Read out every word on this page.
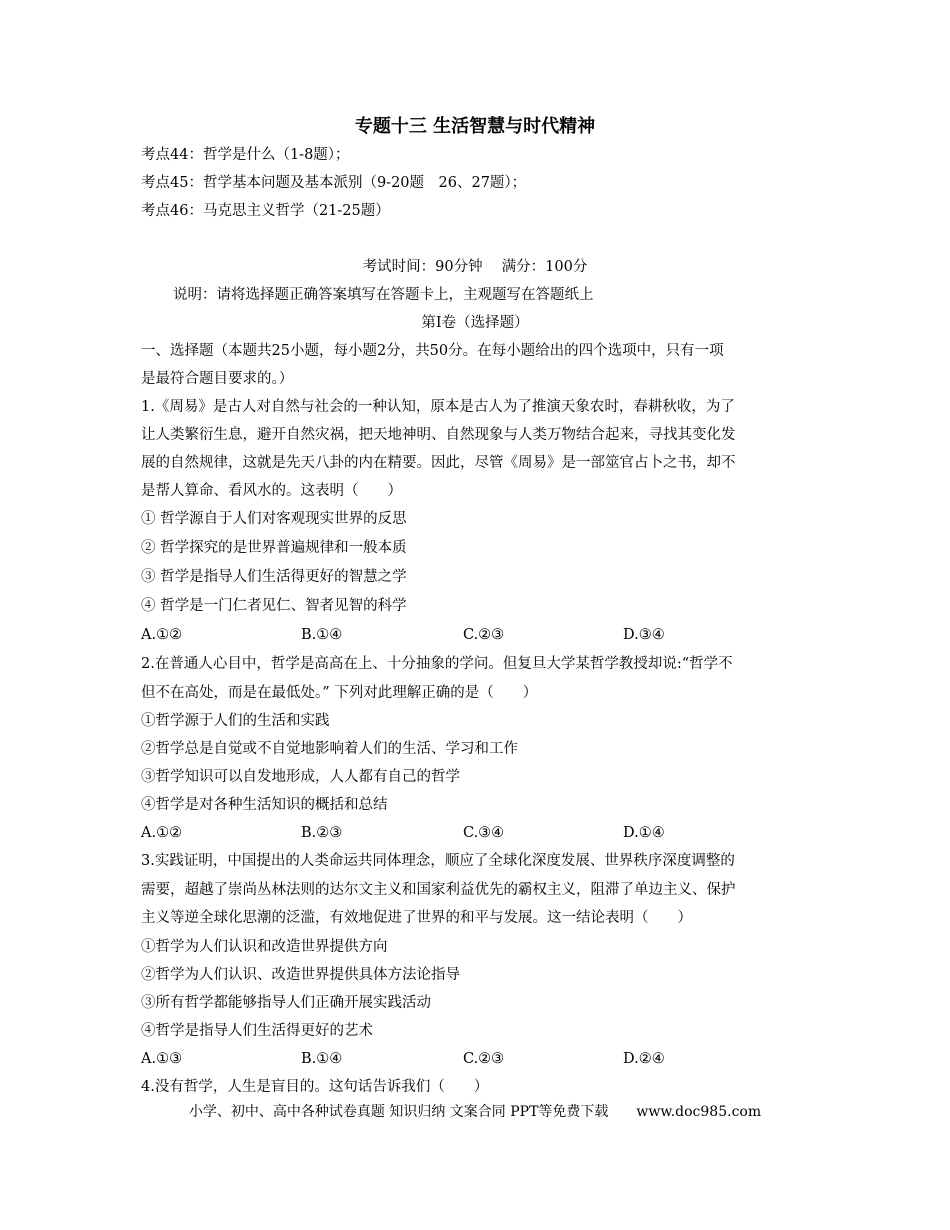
专题十三 生活智慧与时代精神
考点44：哲学是什么（1-8题）；
考点45：哲学基本问题及基本派别（9-20题　26、27题）；
考点46：马克思主义哲学（21-25题）
考试时间：90分钟　 满分：100分
说明：请将选择题正确答案填写在答题卡上，主观题写在答题纸上
第Ⅰ卷（选择题）
一、选择题（本题共25小题，每小题2分，共50分。在每小题给出的四个选项中，只有一项
是最符合题目要求的。）
1.《周易》是古人对自然与社会的一种认知，原本是古人为了推演天象农时，春耕秋收，为了
让人类繁衍生息，避开自然灾祸，把天地神明、自然现象与人类万物结合起来，寻找其变化发
展的自然规律，这就是先天八卦的内在精要。因此，尽管《周易》是一部筮官占卜之书，却不
是帮人算命、看风水的。这表明（　　）
① 哲学源自于人们对客观现实世界的反思
② 哲学探究的是世界普遍规律和一般本质
③ 哲学是指导人们生活得更好的智慧之学
④ 哲学是一门仁者见仁、智者见智的科学
A.①②	B.①④	C.②③	D.③④
2.在普通人心目中，哲学是高高在上、十分抽象的学问。但复旦大学某哲学教授却说:“哲学不
但不在高处，而是在最低处。” 下列对此理解正确的是（　　）
①哲学源于人们的生活和实践
②哲学总是自觉或不自觉地影响着人们的生活、学习和工作
③哲学知识可以自发地形成，人人都有自己的哲学
④哲学是对各种生活知识的概括和总结
A.①②	B.②③	C.③④	D.①④
3.实践证明，中国提出的人类命运共同体理念，顺应了全球化深度发展、世界秩序深度调整的
需要，超越了崇尚丛林法则的达尔文主义和国家利益优先的霸权主义，阻滞了单边主义、保护
主义等逆全球化思潮的泛滥，有效地促进了世界的和平与发展。这一结论表明（　　）
①哲学为人们认识和改造世界提供方向
②哲学为人们认识、改造世界提供具体方法论指导
③所有哲学都能够指导人们正确开展实践活动
④哲学是指导人们生活得更好的艺术
A.①③	B.①④	C.②③	D.②④
4.没有哲学，人生是盲目的。这句话告诉我们（　　）
小学、初中、高中各种试卷真题 知识归纳 文案合同 PPT等免费下载 www.doc985.com
